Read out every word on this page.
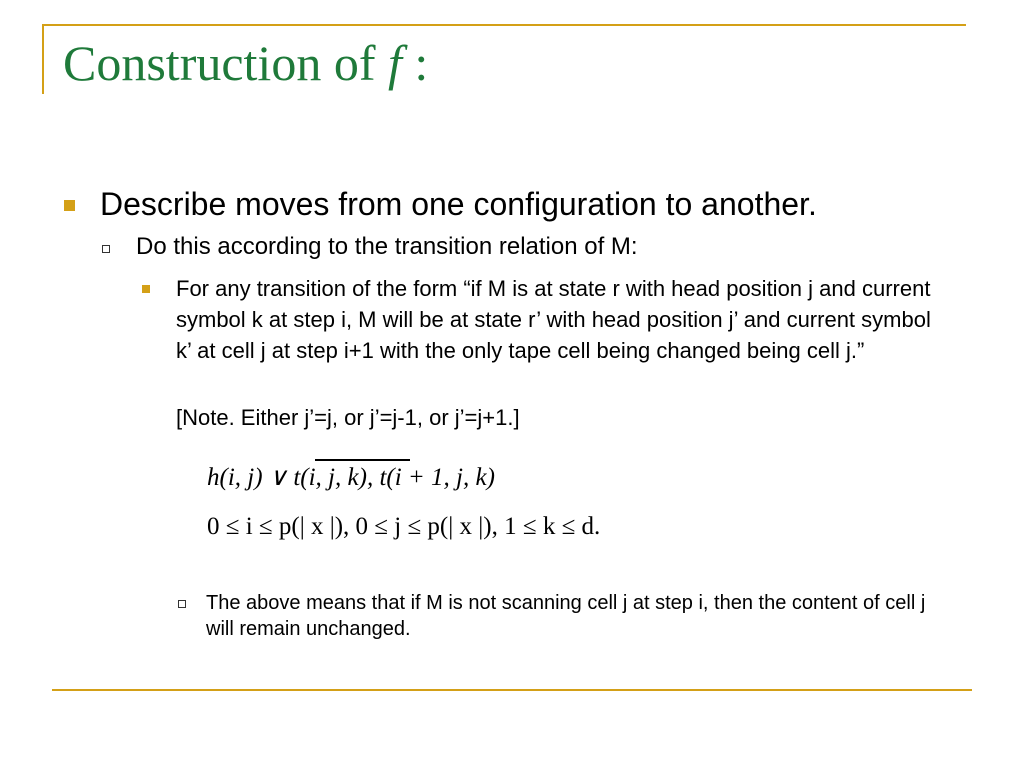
Construction of f :
Describe moves from one configuration to another.
Do this according to the transition relation of M:
For any transition of the form “if M is at state r with head position j and current symbol k at step i, M will be at state r’ with head position j’ and current symbol k’ at cell j at step i+1 with the only tape cell being changed being cell j.”
[Note. Either j’=j, or j’=j-1, or j’=j+1.]
h(i, j) ∨ t(i, j, k), t(i + 1, j, k)
0 ≤ i ≤ p(| x |), 0 ≤ j ≤ p(| x |), 1 ≤ k ≤ d.
The above means that if M is not scanning cell j at step i, then the content of cell j will remain unchanged.
